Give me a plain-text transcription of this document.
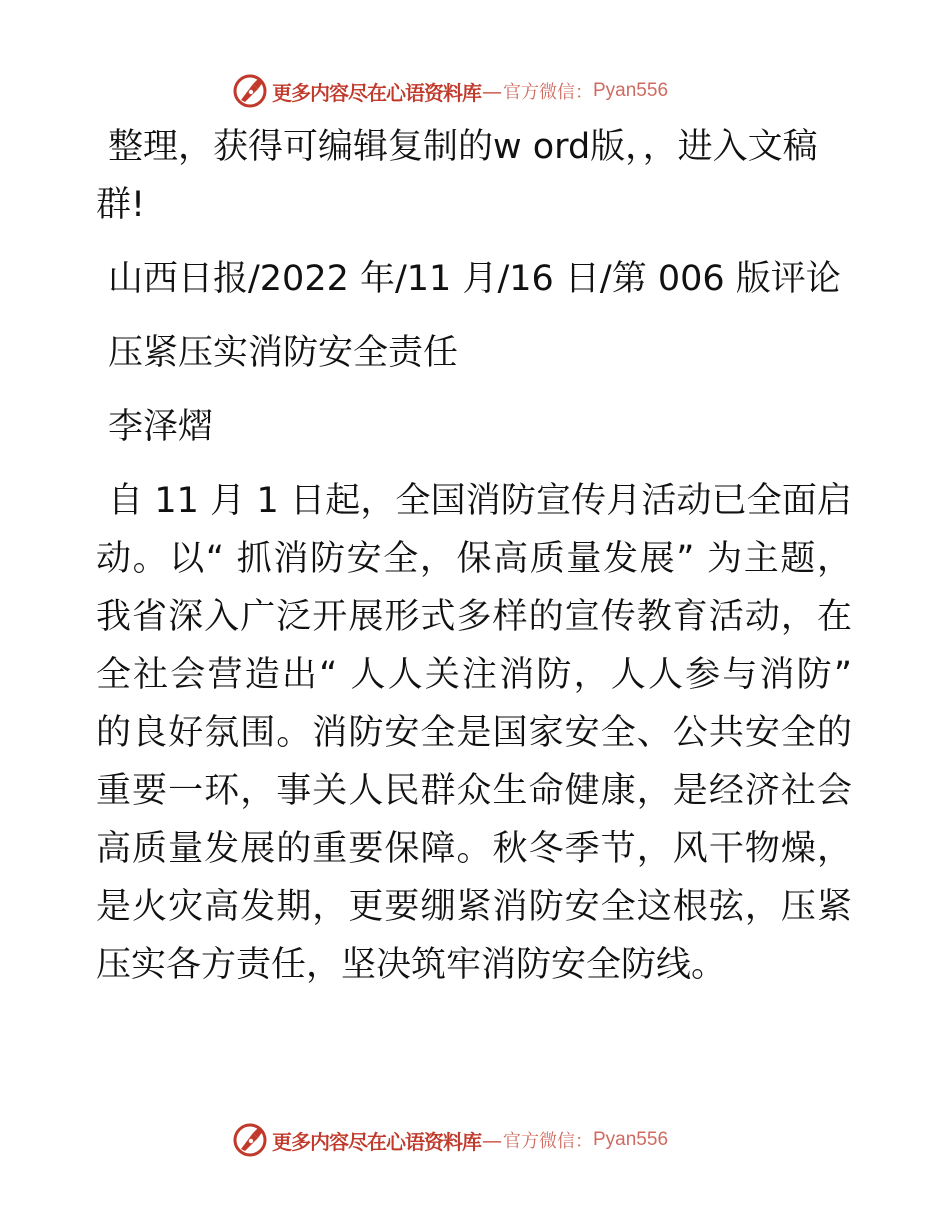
更多内容尽在心语资料库 — 官方微信： Pyan556

整理，获得可编辑复制的w ord版，，进入文稿群!

山西日报/2022 年/11 月/16 日/第 006 版评论

压紧压实消防安全责任

李泽熠

自 11 月 1 日起，全国消防宣传月活动已全面启动。以“ 抓消防安全，保高质量发展” 为主题，我省深入广泛开展形式多样的宣传教育活动，在全社会营造出“ 人人关注消防，人人参与消防” 的良好氛围。消防安全是国家安全、公共安全的重要一环，事关人民群众生命健康，是经济社会高质量发展的重要保障。秋冬季节，风干物燥，是火灾高发期，更要绷紧消防安全这根弦，压紧压实各方责任，坚决筑牢消防安全防线。

更多内容尽在心语资料库 — 官方微信： Pyan556
